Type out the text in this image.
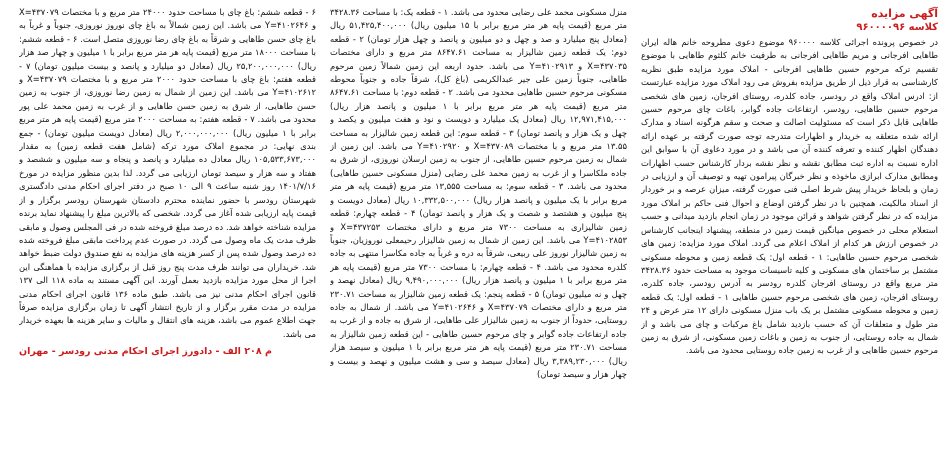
آگهی مزایده
کلاسه ۹۶۰۰۰۰۹۶

در خصوص پرونده اجرائی کلاسه ۹۶۰۰۰۰ موضوع دعوی مطروحه خانم هاله ایران طاهایی افرجانی و مریم طاهایی افرجانی به طرفیت خانم کلثوم طاهایی با موضوع تقسیم ترکه مرحوم حسین طاهایی افرجانی - املاک مورد مزایده طبق نظریه کارشناسی به قرار ذیل از طریق مزایده بفروش می رود املاک مورد مزایده عبارتست از: ادرس املاک واقع در رودسر، جاده کلدره، روستای افرجان، زمین های شخصی مرحوم حسین طاهایی، رودسر، ارتفاعات جاده گوابر، باغات چای مرحوم حسین طاهایی قابل ذکر است که مسئولیت اصالت و صحت و سقم هرگونه اسناد و مدارک ارائه شده متعلقه به خریدار و اظهارات متدرجه توجه صورت گرفته بر عهده ارائه دهندگان اظهار کننده و تعرفه کننده آن می باشد و در مورد دعاوی آن با سوابق این اداره نسبت به اداره ثبت مطابق نقشه و نظر نقشه بردار کارشناس حسب اظهارات ومطابق مدارک ابرازی ماخوذه و نظر خبرگان پیرامون تهیه و توصیف آن و ارزیابی در زمان و بلحاظ خریدار پیش شرط اصلی فنی صورت گرفته، میزان عرصه و بر خوردار از اسناد مالکیت، همچنین با در نظر گرفتن اوضاع و احوال فنی حاکم بر املاک مورد مزایده که در نظر گرفتن شواهد و قرائن موجود در زمان انجام بازدید میدانی و حسب استعلام محلی در خصوص میانگین قیمت زمین در منطقه، پیشنهاد اینجانب کارشناس در خصوص ارزش هر کدام از املاک اعلام می گردد. املاک مورد مزایده: زمین های شخصی مرحوم حسین طاهایی: ۱ - قطعه اول: یک قطعه زمین و محوطه مسکونی مشتمل بر ساختمان های مسکونی و کلیه تاسیسات موجود به مساحت حدود ۳۴۲۸.۳۶ متر مربع واقع در روستای افرجان کلدره رودسر به آدرس رودسر، جاده کلدره، روستای افرجان، زمین های شخصی مرحوم حسین طاهایی ۱ - قطعه اول: یک قطعه زمین و محوطه مسکونی مشتمل بر یک باب منزل مسکونی دارای ۱۲ متر عرض و ۲۴ متر طول و متعلقات آن که حسب بازدید شامل باغ مرکبات و چای می باشد و از شمال به جاده روستایی، از جنوب به زمین و باغات زمین مسکونی، از شرق به زمین مرحوم حسین طاهایی و از غرب به زمین جاده روستایی محدود می باشد.

منزل مسکونی محمد علی رضایی محدود می باشد. ۱ - قطعه یک: با مساحت ۳۴۲۸.۳۶ متر مربع (قیمت پایه هر متر مربع برابر با ۱۵ میلیون ریال) ۵۱,۴۲۵,۴۰۰,۰۰۰ ریال (معادل پنج میلیارد و صد و چهل و دو میلیون و پانصد و چهل هزار تومان) ۲ - قطعه دوم: یک قطعه زمین شالیزار به مساحت ۸۶۴۷.۶۱ متر مربع و دارای مختصات X=۴۳۷۰۳۵ و Y=۴۱۰۲۹۱۳ می باشد. حدود اربعه این زمین شمالاً زمین مرحوم طاهایی، جنوباً زمین علی جیر عبدالکریمی (باغ کل)، شرقاً جاده و جنوباً محوطه مسکونی مرحوم حسین طاهایی محدود می باشد. ۲ - قطعه دوم: با مساحت ۸۶۴۷.۶۱ متر مربع (قیمت پایه هر متر مربع برابر با ۱ میلیون و پانصد هزار ریال) ۱۲,۹۷۱,۴۱۵,۰۰۰ ریال (معادل یک میلیارد و دویست و نود و هفت میلیون و یکصد و چهل و یک هزار و پانصد تومان) ۳ - قطعه سوم: این قطعه زمین شالیزار به مساحت ۱۳.۵۵ متر مربع و با مختصات X=۴۳۷۰۸۹ و Y=۴۱۰۲۹۲۰ می باشد. این زمین از شمال به زمین مرحوم حسین طاهایی، از جنوب به زمین ارسلان نوروزی، از شرق به جاده ملکاسرا و از غرب به زمین محمد علی رضایی (منزل مسکونی حسین طاهایی) محدود می باشد. ۳ - قطعه سوم: به مساحت ۱۳,۵۵۵ متر مربع (قیمت پایه هر متر مربع برابر با یک میلیون و پانصد هزار ریال) ۱۰,۳۳۲,۵۰۰,۰۰۰ ریال (معادل دویست و پنج میلیون و هشتصد و شصت و یک هزار و پانصد تومان) ۴ - قطعه چهارم: قطعه زمین شالیزاری به مساحت ۷۳۰۰ متر مربع و دارای مختصات X=۴۳۷۲۵۳ و Y=۴۱۰۲۸۵۳ می باشد. این زمین از شمال به زمین شالیزار رحیمعلی نوروزیان، جنوباً به زمین شالیزار نوروز علی ربیعی، شرقاً به دره و غرباً به جاده مکاسرا منتهی به جاده کلدره محدود می باشد. ۴ - قطعه چهارم: با مساحت ۷۳۰۰ متر مربع (قیمت پایه هر متر مربع برابر با ۱ میلیون و پانصد هزار ریال) ۹,۴۹۰,۰۰۰,۰۰۰ ریال (معادل نهصد و چهل و نه میلیون تومان) ۵ - قطعه پنجم: یک قطعه زمین شالیزار به مساحت ۲۳۰.۷۱ متر مربع و دارای مختصات X=۴۳۷۰۷۹ و Y=۴۱۰۲۶۴۶ می باشد. از شمال به جاده روستایی، حدوداً از جنوب به زمین شالیزار علی طاهایی، از شرق به جاده و از غرب به جاده ارتفاعات جاده گوابر و چای مرحوم حسین طاهایی - این قطعه زمین شالیزار به مساحت ۲۳۰.۷۱ متر مربع (قیمت پایه هر متر مربع برابر با ۱ میلیون و سیصد هزار ریال) ۳,۳۸۹,۲۳۰,۰۰۰ ریال (معادل سیصد و سی و هشت میلیون و نهصد و بیست و چهار هزار و سیصد تومان)

۶ - قطعه ششم: باغ چای با مساحت حدود ۲۴۰۰۰ متر مربع و با مختصات X=۴۳۷۰۷۹ و Y=۴۱۰۲۶۴۶ می باشد. این زمین شمالاً به باغ چای نوروز نوروزی، جنوباً و غرباً به باغ چای حسن طاهایی و شرقاً به باغ چای رضا نوروزی متصل است. ۶ - قطعه ششم: با مساحت ۱۸۰۰۰ متر مربع (قیمت پایه هر متر مربع برابر با ۱ میلیون و چهار صد هزار ریال) ۲۵,۲۰۰,۰۰۰,۰۰۰ ریال (معادل دو میلیارد و پانصد و بیست میلیون تومان) ۷ - قطعه هفتم: باغ چای با مساحت حدود ۲۰۰۰ متر مربع و با مختصات X=۴۳۷۰۷۹ و Y=۴۱۰۲۶۱۲ می باشد. این زمین از شمال به زمین رضا نوروزی، از جنوب به زمین حسن طاهایی، از شرق به زمین حسن طاهایی و از غرب به زمین محمد علی پور محدود می باشد. ۷ - قطعه هفتم: به مساحت ۲۰۰۰ متر مربع (قیمت پایه هر متر مربع برابر با ۱ میلیون ریال) ۲,۰۰۰,۰۰۰,۰۰۰ ریال (معادل دویست میلیون تومان) - جمع بندی نهایی: در مجموع املاک مورد ترکه (شامل هفت قطعه زمین) به مقدار ۱۰۵,۵۳۳,۶۷۳,۰۰۰ ریال معادل ده میلیارد و پانصد و پنجاه و سه میلیون و ششصد و هفتاد و سه هزار و سیصد تومان ارزیابی می گردد. لذا بدین منظور مزایده در مورخ ۱۴۰۱/۷/۱۶ روز شنبه ساعت ۹ الی ۱۰ صبح در دفتر اجرای احکام مدنی دادگستری شهرستان رودسر با حضور نماینده محترم دادستان شهرستان رودسر برگزار و از قیمت پایه ارزیابی شده آغاز می گردد. شخصی که بالاترین مبلغ را پیشنهاد نماید برنده مزایده شناخته خواهد شد. ده درصد مبلغ فروخته شده در فی المجلس وصول و مابقی ظرف مدت یک ماه وصول می گردد. در صورت عدم پرداخت مابقی مبلغ فروخته شده ده درصد وصول شده پس از کسر هزینه های مزایده به نفع صندوق دولت ضبط خواهد شد. خریداران می توانند ظرف مدت پنج روز قبل از برگزاری مزایده با هماهنگی این اجرا از محل مورد مزایده بازدید بعمل آورند. این آگهی مستند به ماده ۱۱۸ الی ۱۳۷ قانون اجرای احکام مدنی نیز می باشد. طبق ماده ۱۳۶ قانون اجرای احکام مدنی مزایده در مدت مقرر برگزار و از تاریخ انتشار آگهی تا زمان برگزاری مزایده صرفاً جهت اطلاع عموم می باشد، هزینه های انتقال و مالیات و سایر هزینه ها بعهده خریدار می باشد.

م ۲۰۸ الف - دادورز اجرای احکام مدنی رودسر - مهران
